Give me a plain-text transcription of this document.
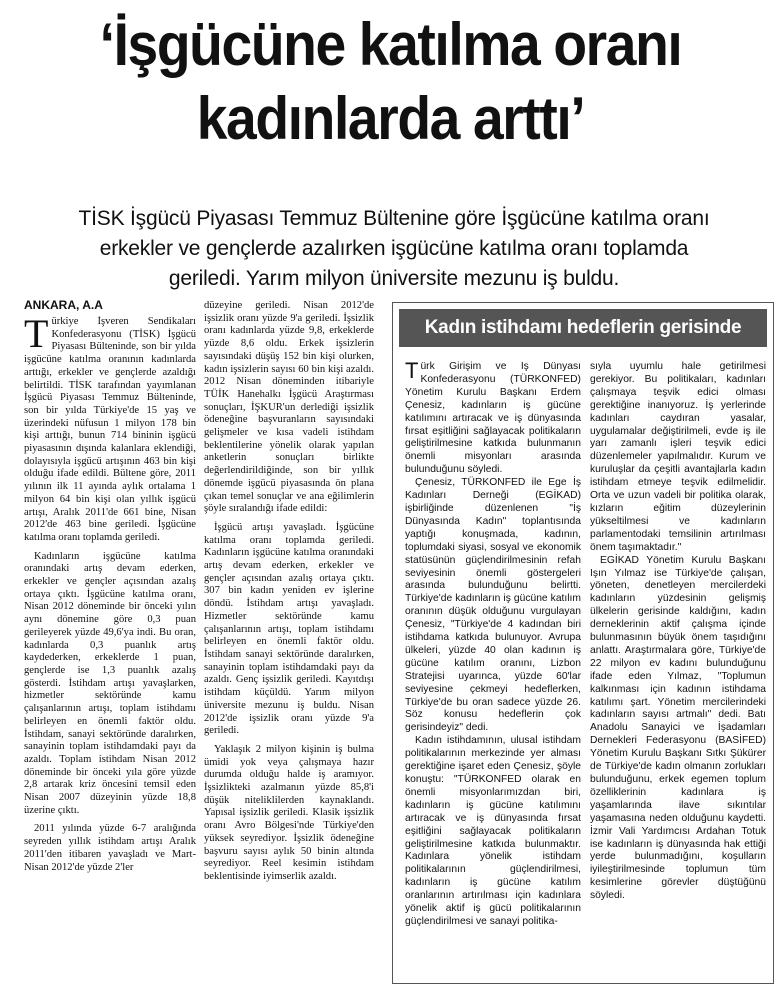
‘İşgücüne katılma oranı
kadınlarda arttı’
TİSK İşgücü Piyasası Temmuz Bültenine göre İşgücüne katılma oranı
erkekler ve gençlerde azalırken işgücüne katılma oranı toplamda
geriledi. Yarım milyon üniversite mezunu iş buldu.
ANKARA, A.A

Türkiye İşveren Sendikaları Konfederasyonu (TİSK) İşgücü Piyasası Bülteninde, son bir yılda işgücüne katılma oranının kadınlarda arttığı, erkekler ve gençlerde azaldığı belirtildi. TİSK tarafından yayımlanan İşgücü Piyasası Temmuz Bülteninde, son bir yılda Türkiye'de 15 yaş ve üzerindeki nüfusun 1 milyon 178 bin kişi arttığı, bunun 714 bininin işgücü piyasasının dışında kalanlara eklendiği, dolayısıyla işgücü artışının 463 bin kişi olduğu ifade edildi. Bültene göre, 2011 yılının ilk 11 ayında aylık ortalama 1 milyon 64 bin kişi olan yıllık işgücü artışı, Aralık 2011'de 661 bine, Nisan 2012'de 463 bine geriledi. İşgücüne katılma oranı toplamda geriledi.

Kadınların işgücüne katılma oranındaki artış devam ederken, erkekler ve gençler açısından azalış ortaya çıktı. İşgücüne katılma oranı, Nisan 2012 döneminde bir önceki yılın aynı dönemine göre 0,3 puan gerileyerek yüzde 49,6'ya indi. Bu oran, kadınlarda 0,3 puanlık artış kaydederken, erkeklerde 1 puan, gençlerde ise 1,3 puanlık azalış gösterdi. İstihdam artışı yavaşlarken, hizmetler sektöründe kamu çalışanlarının artışı, toplam istihdamı belirleyen en önemli faktör oldu. İstihdam, sanayi sektöründe daralırken, sanayinin toplam istihdamdaki payı da azaldı. Toplam istihdam Nisan 2012 döneminde bir önceki yıla göre yüzde 2,8 artarak kriz öncesini temsil eden Nisan 2007 düzeyinin yüzde 18,8 üzerine çıktı.

2011 yılında yüzde 6-7 aralığında seyreden yıllık istihdam artışı Aralık 2011'den itibaren yavaşladı ve Mart-Nisan 2012'de yüzde 2'ler

düzeyine geriledi. Nisan 2012'de işsizlik oranı yüzde 9'a geriledi. İşsizlik oranı kadınlarda yüzde 9,8, erkeklerde yüzde 8,6 oldu. Erkek işsizlerin sayısındaki düşüş 152 bin kişi olurken, kadın işsizlerin sayısı 60 bin kişi azaldı. 2012 Nisan döneminden itibariyle TÜİK Hanehalkı İşgücü Araştırması sonuçları, İŞKUR'un derlediği işsizlik ödeneğine başvuranların sayısındaki gelişmeler ve kısa vadeli istihdam beklentilerine yönelik olarak yapılan anketlerin sonuçları birlikte değerlendirildiğinde, son bir yıllık dönemde işgücü piyasasında ön plana çıkan temel sonuçlar ve ana eğilimlerin şöyle sıralandığı ifade edildi:

İşgücü artışı yavaşladı. İşgücüne katılma oranı toplamda geriledi. Kadınların işgücüne katılma oranındaki artış devam ederken, erkekler ve gençler açısından azalış ortaya çıktı. 307 bin kadın yeniden ev işlerine döndü. İstihdam artışı yavaşladı. Hizmetler sektöründe kamu çalışanlarının artışı, toplam istihdamı belirleyen en önemli faktör oldu. İstihdam sanayi sektöründe daralırken, sanayinin toplam istihdamdaki payı da azaldı. Genç işsizlik geriledi. Kayıtdışı istihdam küçüldü. Yarım milyon üniversite mezunu iş buldu. Nisan 2012'de işsizlik oranı yüzde 9'a geriledi.

Yaklaşık 2 milyon kişinin iş bulma ümidi yok veya çalışmaya hazır durumda olduğu halde iş aramıyor. İşsizlikteki azalmanın yüzde 85,8'i düşük niteliklilerden kaynaklandı. Yapısal işsizlik geriledi. Klasik işsizlik oranı Avro Bölgesi'nde Türkiye'den yüksek seyrediyor. İşsizlik ödeneğine başvuru sayısı aylık 50 binin altında seyrediyor. Reel kesimin istihdam beklentisinde iyimserlik azaldı.

Kadın istihdamı hedeflerin gerisinde

Türk Girişim ve İş Dünyası Konfederasyonu (TÜRKONFED) Yönetim Kurulu Başkanı Erdem Çenesiz, kadınların iş gücüne katılımını artıracak ve iş dünyasında fırsat eşitliğini sağlayacak politikaların geliştirilmesine katkıda bulunmanın önemli misyonları arasında bulunduğunu söyledi.

Çenesiz, TÜRKONFED ile Ege İş Kadınları Derneği (EGİKAD) işbirliğinde düzenlenen "İş Dünyasında Kadın" toplantısında yaptığı konuşmada, kadının, toplumdaki siyasi, sosyal ve ekonomik statüsünün güçlendirilmesinin refah seviyesinin önemli göstergeleri arasında bulunduğunu belirtti. Türkiye'de kadınların iş gücüne katılım oranının düşük olduğunu vurgulayan Çenesiz, "Türkiye'de 4 kadından biri istihdama katkıda bulunuyor. Avrupa ülkeleri, yüzde 40 olan kadının iş gücüne katılım oranını, Lizbon Stratejisi uyarınca, yüzde 60'lar seviyesine çekmeyi hedeflerken, Türkiye'de bu oran sadece yüzde 26. Söz konusu hedeflerin çok gerisindeyiz" dedi.

Kadın istihdamının, ulusal istihdam politikalarının merkezinde yer alması gerektiğine işaret eden Çenesiz, şöyle konuştu: "TÜRKONFED olarak en önemli misyonlarımızdan biri, kadınların iş gücüne katılımını artıracak ve iş dünyasında fırsat eşitliğini sağlayacak politikaların geliştirilmesine katkıda bulunmaktır. Kadınlara yönelik istihdam politikalarının güçlendirilmesi, kadınların iş gücüne katılım oranlarının artırılması için kadınlara yönelik aktif iş gücü politikalarının güçlendirilmesi ve sanayi politika-

sıyla uyumlu hale getirilmesi gerekiyor. Bu politikaları, kadınları çalışmaya teşvik edici olması gerektiğine inanıyoruz. İş yerlerinde kadınları caydıran yasalar, uygulamalar değiştirilmeli, evde iş ile yarı zamanlı işleri teşvik edici düzenlemeler yapılmalıdır. Kurum ve kuruluşlar da çeşitli avantajlarla kadın istihdam etmeye teşvik edilmelidir. Orta ve uzun vadeli bir politika olarak, kızların eğitim düzeylerinin yükseltilmesi ve kadınların parlamentodaki temsilinin artırılması önem taşımaktadır."

EGİKAD Yönetim Kurulu Başkanı Işın Yılmaz ise Türkiye'de çalışan, yöneten, denetleyen mercilerdeki kadınların yüzdesinin gelişmiş ülkelerin gerisinde kaldığını, kadın derneklerinin aktif çalışma içinde bulunmasının büyük önem taşıdığını anlattı. Araştırmalara göre, Türkiye'de 22 milyon ev kadını bulunduğunu ifade eden Yılmaz, "Toplumun kalkınması için kadının istihdama katılımı şart. Yönetim mercilerindeki kadınların sayısı artmalı" dedi. Batı Anadolu Sanayici ve İşadamları Dernekleri Federasyonu (BASİFED) Yönetim Kurulu Başkanı Sıtkı Şükürer de Türkiye'de kadın olmanın zorlukları bulunduğunu, erkek egemen toplum özelliklerinin kadınlara iş yaşamlarında ilave sıkıntılar yaşamasına neden olduğunu kaydetti. İzmir Vali Yardımcısı Ardahan Totuk ise kadınların iş dünyasında hak ettiği yerde bulunmadığını, koşulların iyileştirilmesinde toplumun tüm kesimlerine görevler düştüğünü söyledi.
